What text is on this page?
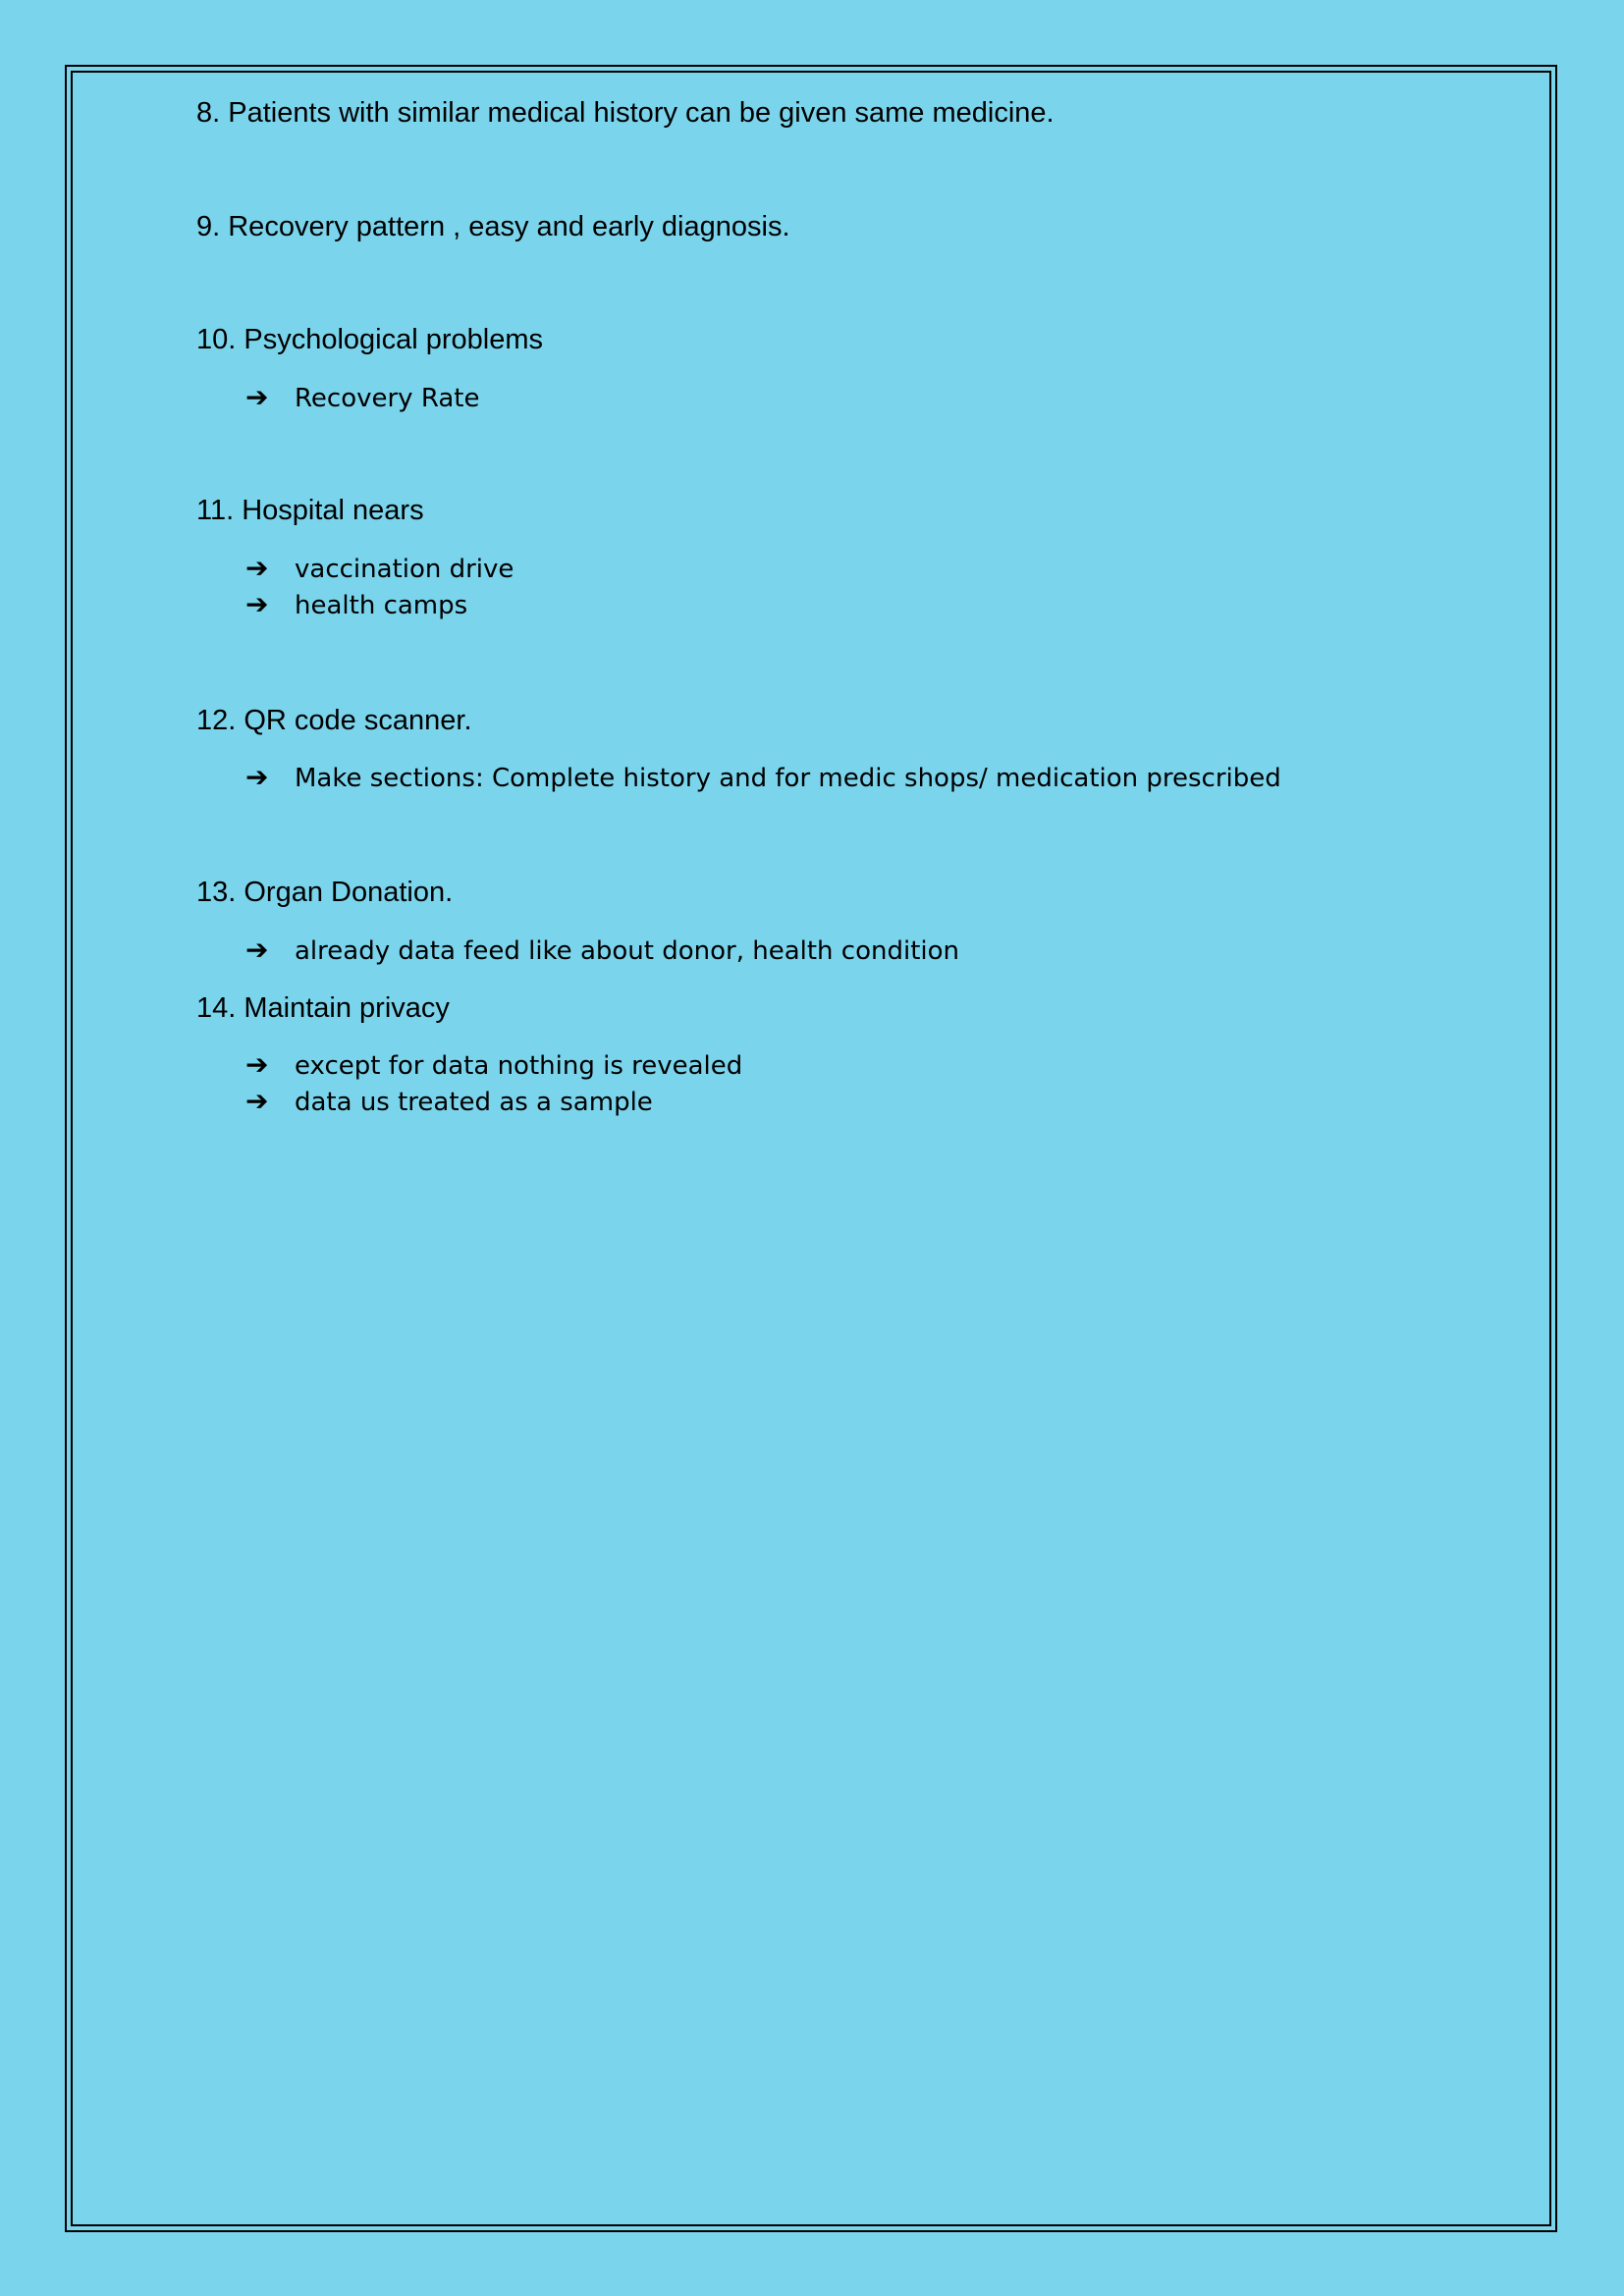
8. Patients with similar medical history can be given same medicine.
9. Recovery pattern , easy and early diagnosis.
10. Psychological problems
➔ Recovery Rate
11. Hospital nears
➔ vaccination drive
➔ health camps
12. QR code scanner.
➔ Make sections: Complete history and for medic shops/ medication prescribed
13. Organ Donation.
➔ already data feed like about donor, health condition
14. Maintain privacy
➔ except for data nothing is revealed
➔ data us treated as a sample
